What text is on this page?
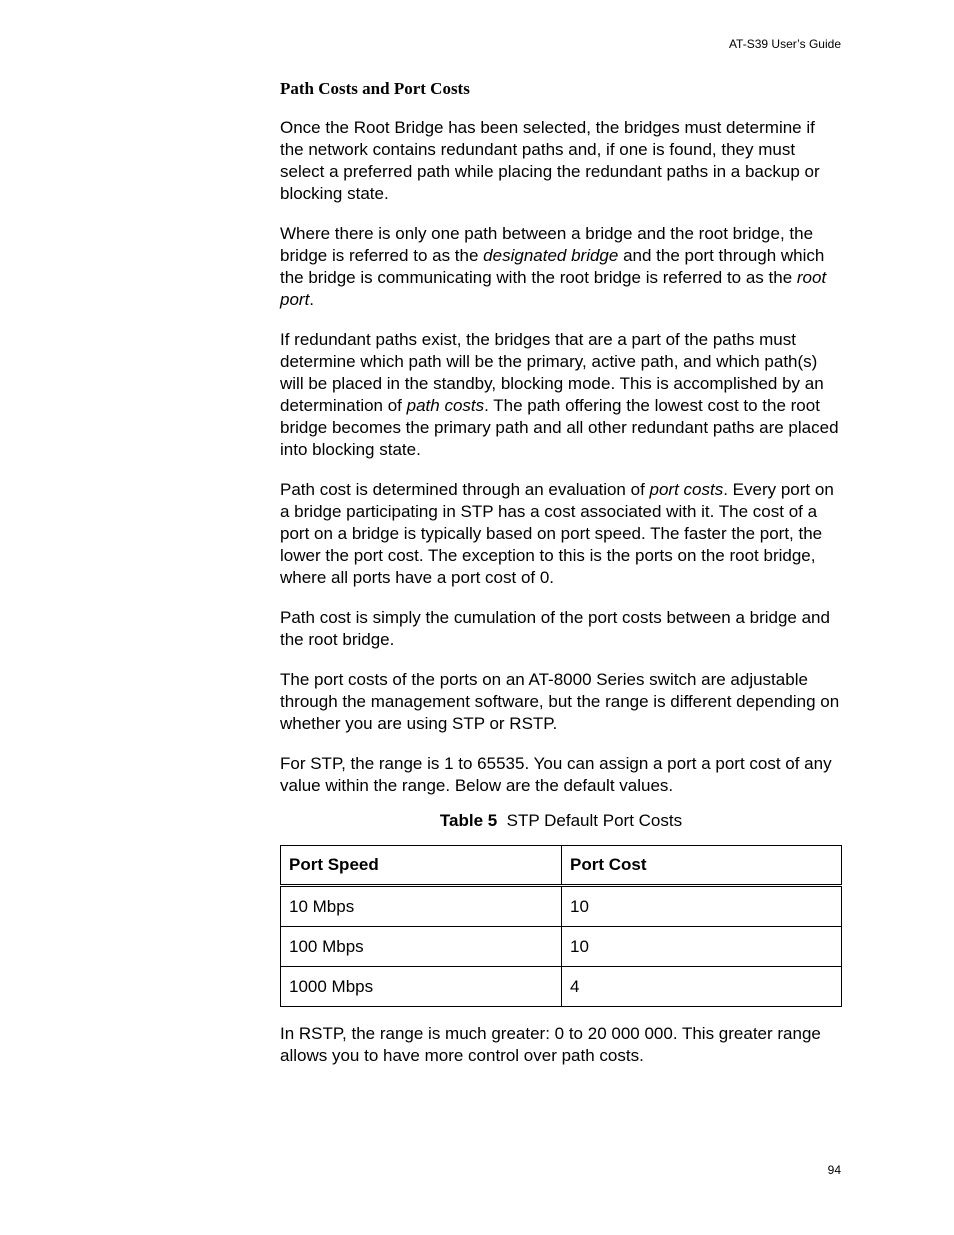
AT-S39 User’s Guide
Path Costs and Port Costs

Once the Root Bridge has been selected, the bridges must determine if the network contains redundant paths and, if one is found, they must select a preferred path while placing the redundant paths in a backup or blocking state.

Where there is only one path between a bridge and the root bridge, the bridge is referred to as the designated bridge and the port through which the bridge is communicating with the root bridge is referred to as the root port.

If redundant paths exist, the bridges that are a part of the paths must determine which path will be the primary, active path, and which path(s) will be placed in the standby, blocking mode. This is accomplished by an determination of path costs. The path offering the lowest cost to the root bridge becomes the primary path and all other redundant paths are placed into blocking state.

Path cost is determined through an evaluation of port costs. Every port on a bridge participating in STP has a cost associated with it. The cost of a port on a bridge is typically based on port speed. The faster the port, the lower the port cost. The exception to this is the ports on the root bridge, where all ports have a port cost of 0.

Path cost is simply the cumulation of the port costs between a bridge and the root bridge.

The port costs of the ports on an AT-8000 Series switch are adjustable through the management software, but the range is different depending on whether you are using STP or RSTP.

For STP, the range is 1 to 65535. You can assign a port a port cost of any value within the range. Below are the default values.

Table 5 STP Default Port Costs
Port Speed	Port Cost
10 Mbps	10
100 Mbps	10
1000 Mbps	4

In RSTP, the range is much greater: 0 to 20 000 000. This greater range allows you to have more control over path costs.

94
